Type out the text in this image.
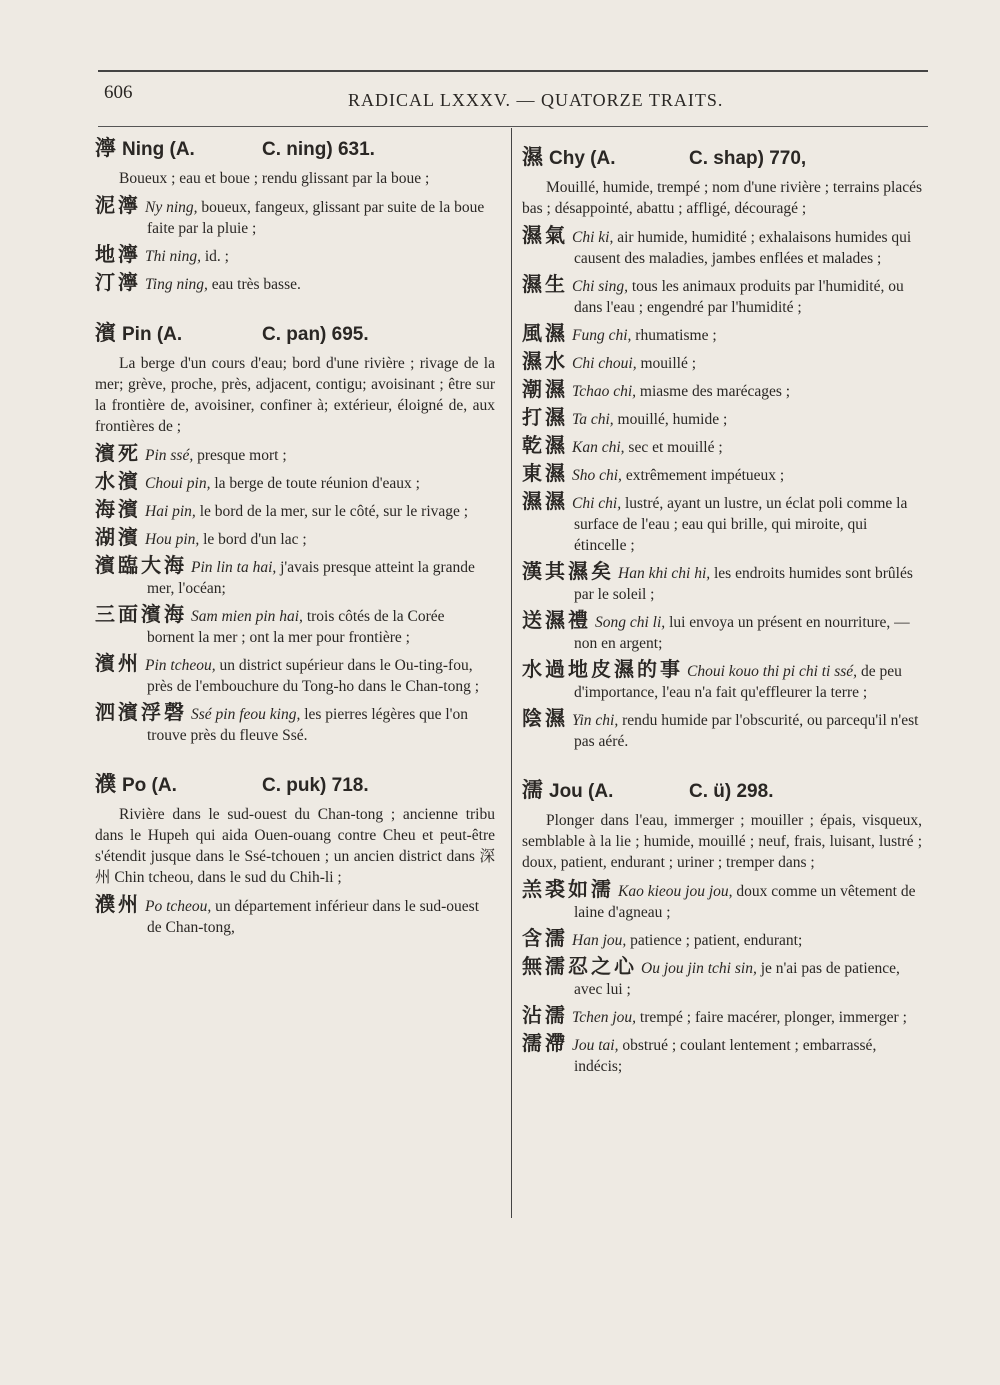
606	RADICAL LXXXV. — QUATORZE TRAITS.
濘 Ning (A.	C. ning) 631.
Boueux ; eau et boue ; rendu glissant par la boue ;
泥濘 Ny ning, boueux, fangeux, glissant par suite de la boue faite par la pluie ;
地濘 Thi ning, id. ;
汀濘 Ting ning, eau très basse.
濱 Pin (A.	C. pan) 695.
La berge d'un cours d'eau; bord d'une rivière ; rivage de la mer; grève, proche, près, adjacent, contigu; avoisinant ; être sur la frontière de, avoisiner, confiner à; extérieur, éloigné de, aux frontières de ;
濱死 Pin ssé, presque mort ;
水濱 Choui pin, la berge de toute réunion d'eaux ;
海濱 Hai pin, le bord de la mer, sur le côté, sur le rivage ;
湖濱 Hou pin, le bord d'un lac ;
濱臨大海 Pin lin ta hai, j'avais presque atteint la grande mer, l'océan;
三面濱海 Sam mien pin hai, trois côtés de la Corée bornent la mer ; ont la mer pour frontière ;
濱州 Pin tcheou, un district supérieur dans le Ou-ting-fou, près de l'embouchure du Tong-ho dans le Chan-tong ;
泗濱浮磬 Ssé pin feou king, les pierres légères que l'on trouve près du fleuve Ssé.
濮 Po (A.	C. puk) 718.
Rivière dans le sud-ouest du Chan-tong ; ancienne tribu dans le Hupeh qui aida Ouen-ouang contre Cheu et peut-être s'étendit jusque dans le Ssé-tchouen ; un ancien district dans 深州 Chin tcheou, dans le sud du Chih-li ;
濮州 Po tcheou, un département inférieur dans le sud-ouest de Chan-tong,
濕 Chy (A.	C. shap) 770,
Mouillé, humide, trempé ; nom d'une rivière ; terrains placés bas ; désappointé, abattu ; affligé, découragé ;
濕氣 Chi ki, air humide, humidité ; exhalaisons humides qui causent des maladies, jambes enflées et malades ;
濕生 Chi sing, tous les animaux produits par l'humidité, ou dans l'eau ; engendré par l'humidité ;
風濕 Fung chi, rhumatisme ;
濕水 Chi choui, mouillé ;
潮濕 Tchao chi, miasme des marécages ;
打濕 Ta chi, mouillé, humide ;
乾濕 Kan chi, sec et mouillé ;
東濕 Sho chi, extrêmement impétueux ;
濕濕 Chi chi, lustré, ayant un lustre, un éclat poli comme la surface de l'eau ; eau qui brille, qui miroite, qui étincelle ;
漢其濕矣 Han khi chi hi, les endroits humides sont brûlés par le soleil ;
送濕禮 Song chi li, lui envoya un présent en nourriture, — non en argent;
水過地皮濕的事 Choui kouo thi pi chi ti ssé, de peu d'importance, l'eau n'a fait qu'effleurer la terre ;
陰濕 Yin chi, rendu humide par l'obscurité, ou parcequ'il n'est pas aéré.
濡 Jou (A.	C. ü) 298.
Plonger dans l'eau, immerger ; mouiller ; épais, visqueux, semblable à la lie ; humide, mouillé ; neuf, frais, luisant, lustré ; doux, patient, endurant ; uriner ; tremper dans ;
羔裘如濡 Kao kieou jou jou, doux comme un vêtement de laine d'agneau ;
含濡 Han jou, patience ; patient, endurant;
無濡忍之心 Ou jou jin tchi sin, je n'ai pas de patience, avec lui ;
沾濡 Tchen jou, trempé ; faire macérer, plonger, immerger ;
濡滯 Jou tai, obstrué ; coulant lentement ; embarrassé, indécis;
